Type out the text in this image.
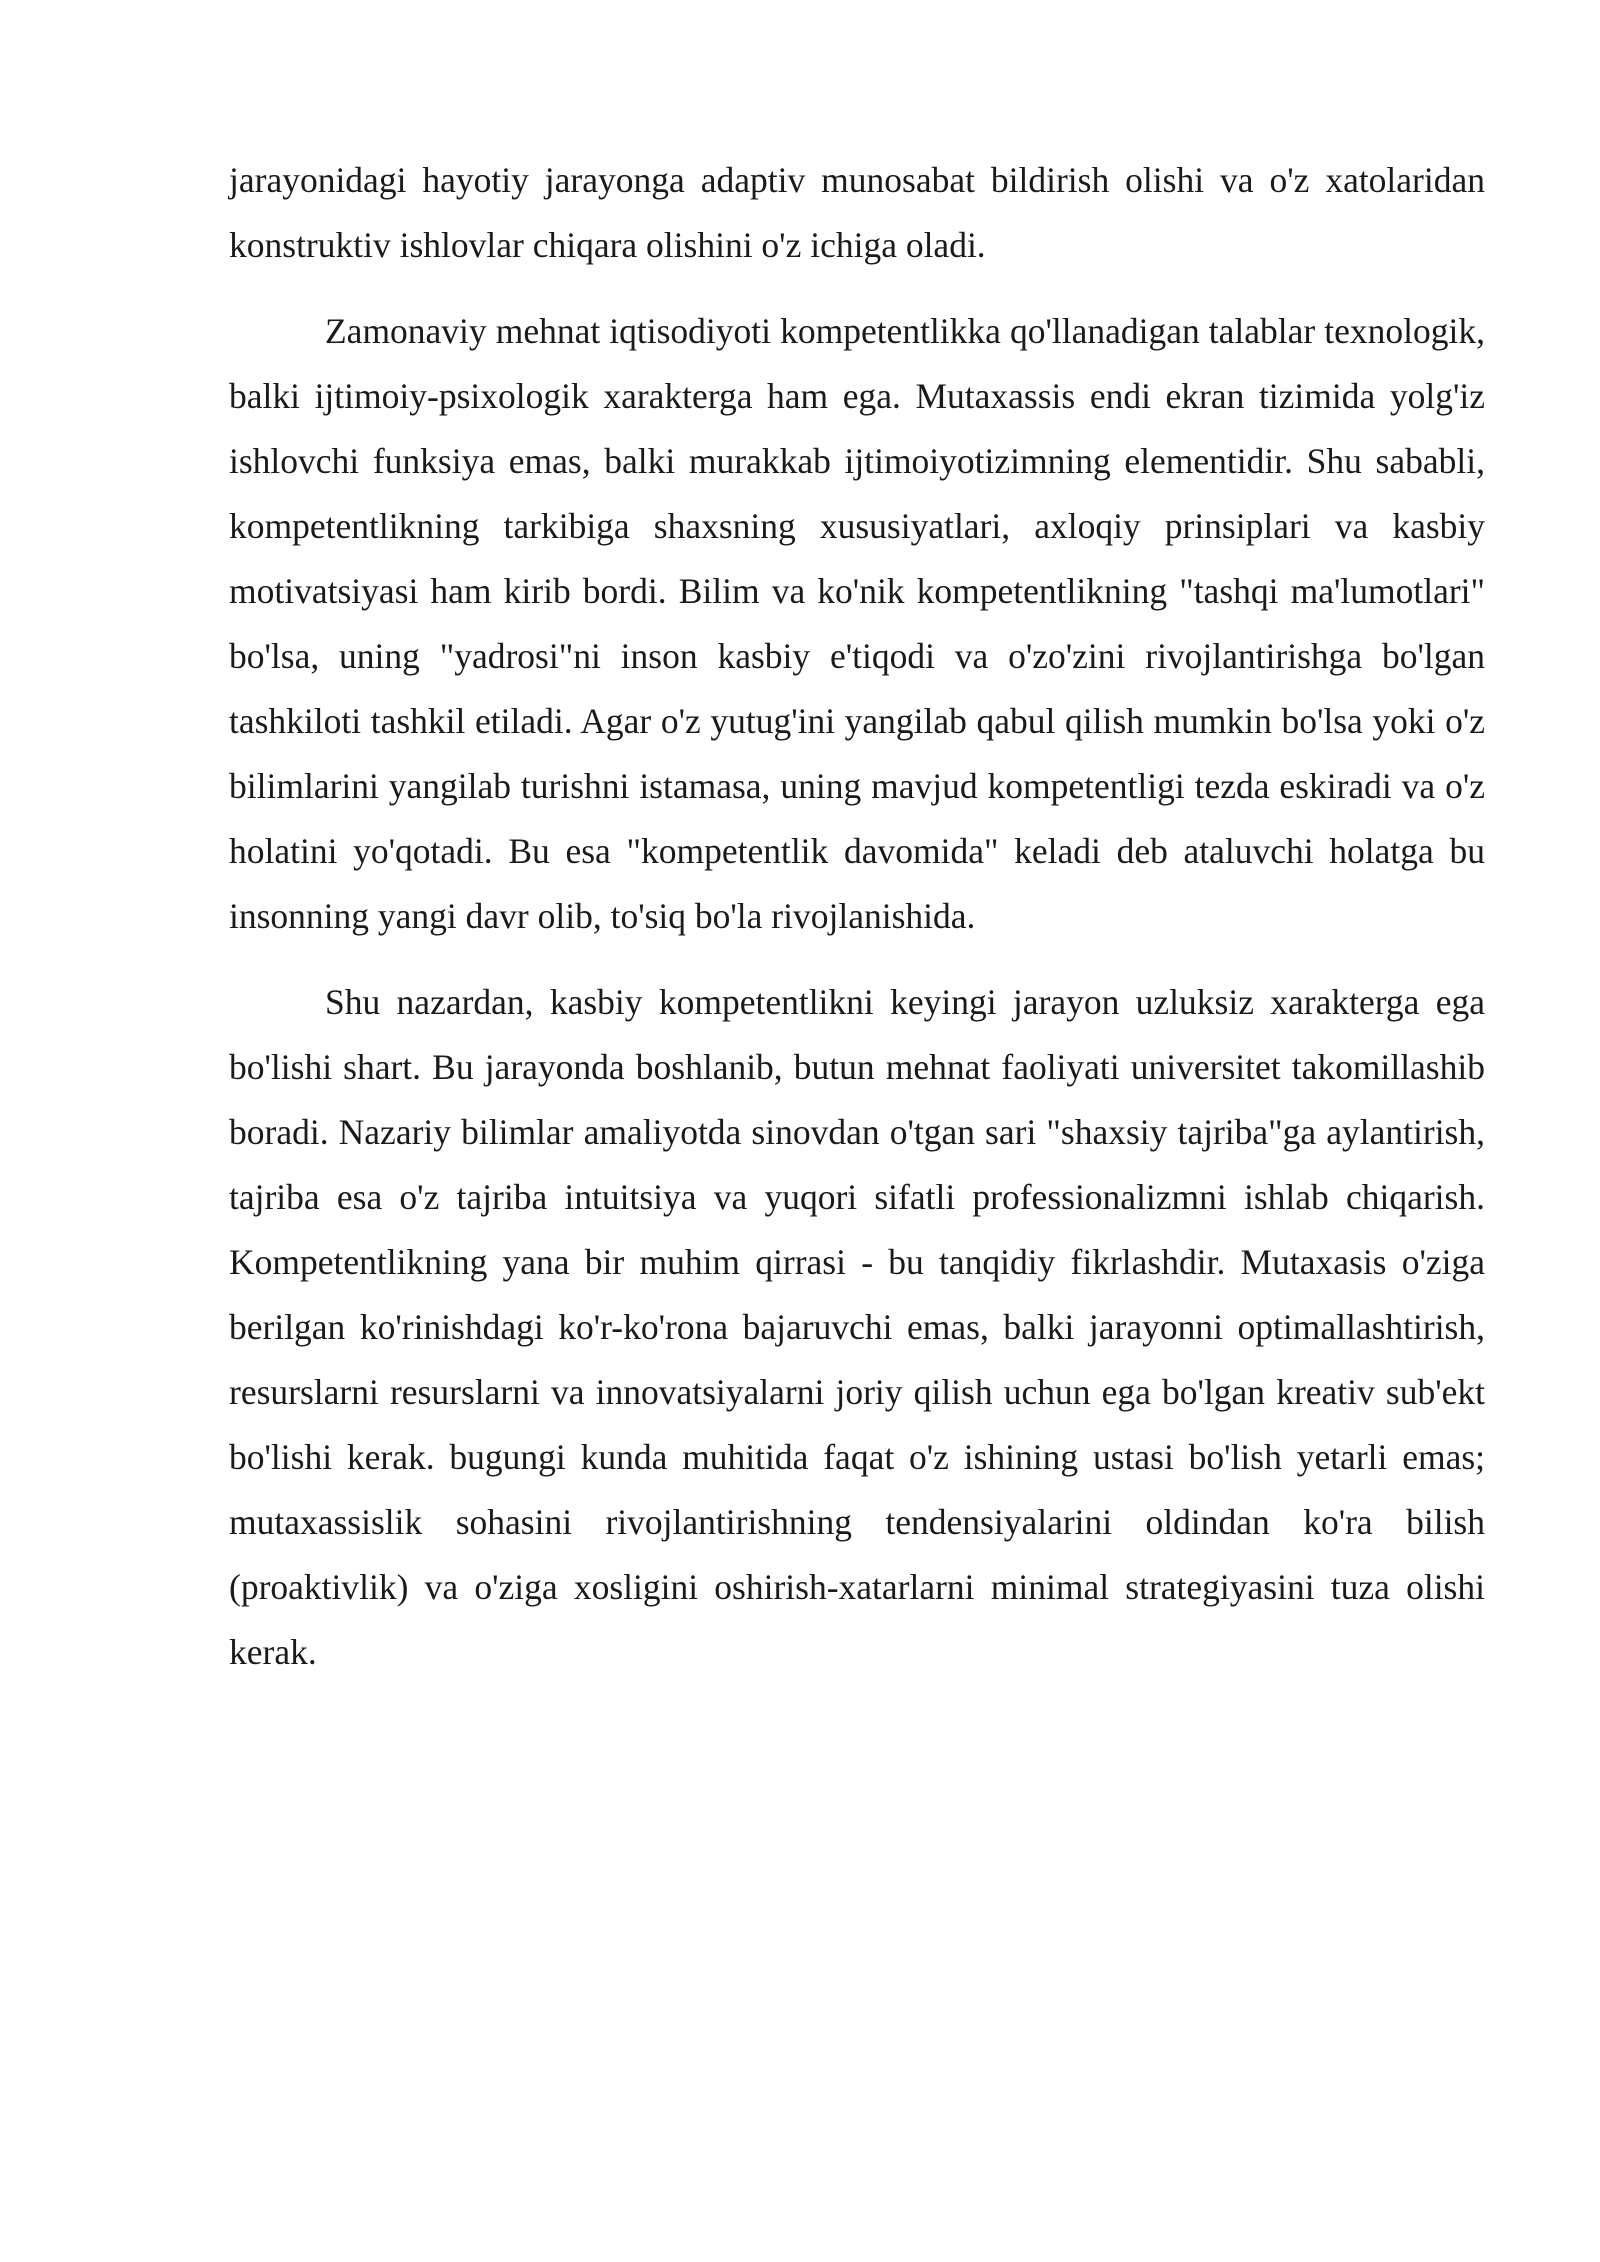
jarayonidagi hayotiy jarayonga adaptiv munosabat bildirish olishi va o'z xatolaridan konstruktiv ishlovlar chiqara olishini o'z ichiga oladi.

Zamonaviy mehnat iqtisodiyoti kompetentlikka qo'llanadigan talablar texnologik, balki ijtimoiy-psixologik xarakterga ham ega. Mutaxassis endi ekran tizimida yolg'iz ishlovchi funksiya emas, balki murakkab ijtimoiyotizimning elementidir. Shu sababli, kompetentlikning tarkibiga shaxsning xususiyatlari, axloqiy prinsiplari va kasbiy motivatsiyasi ham kirib bordi. Bilim va ko'nik kompetentlikning "tashqi ma'lumotlari" bo'lsa, uning "yadrosi"ni inson kasbiy e'tiqodi va o'zo'zini rivojlantirishga bo'lgan tashkiloti tashkil etiladi. Agar o'z yutug'ini yangilab qabul qilish mumkin bo'lsa yoki o'z bilimlarini yangilab turishni istamasa, uning mavjud kompetentligi tezda eskiradi va o'z holatini yo'qotadi. Bu esa "kompetentlik davomida" keladi deb ataluvchi holatga bu insonning yangi davr olib, to'siq bo'la rivojlanishida.

Shu nazardan, kasbiy kompetentlikni keyingi jarayon uzluksiz xarakterga ega bo'lishi shart. Bu jarayonda boshlanib, butun mehnat faoliyati universitet takomillashib boradi. Nazariy bilimlar amaliyotda sinovdan o'tgan sari "shaxsiy tajriba"ga aylantirish, tajriba esa o'z tajriba intuitsiya va yuqori sifatli professionalizmni ishlab chiqarish. Kompetentlikning yana bir muhim qirrasi - bu tanqidiy fikrlashdir. Mutaxasis o'ziga berilgan ko'rinishdagi ko'r-ko'rona bajaruvchi emas, balki jarayonni optimallashtirish, resurslarni resurslarni va innovatsiyalarni joriy qilish uchun ega bo'lgan kreativ sub'ekt bo'lishi kerak. bugungi kunda muhitida faqat o'z ishining ustasi bo'lish yetarli emas; mutaxassislik sohasini rivojlantirishning tendensiyalarini oldindan ko'ra bilish (proaktivlik) va o'ziga xosligini oshirish-xatarlarni minimal strategiyasini tuza olishi kerak.
